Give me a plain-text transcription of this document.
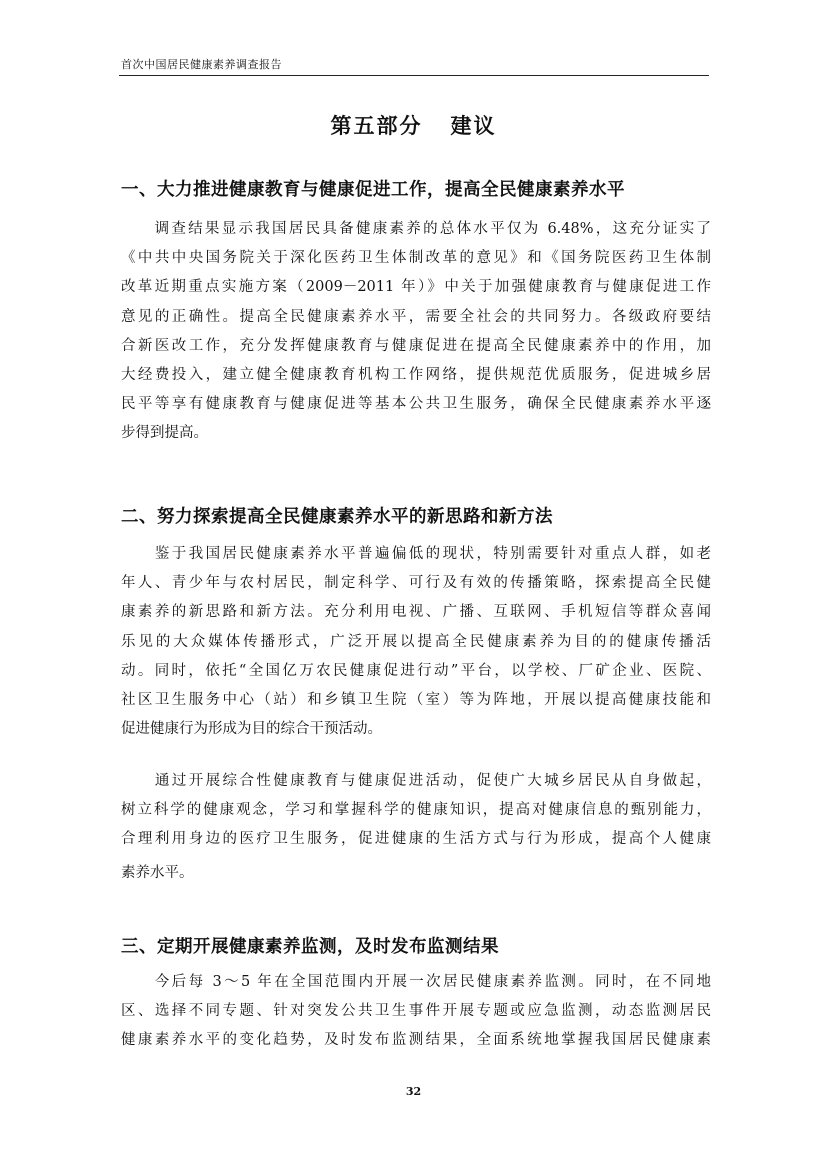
首次中国居民健康素养调查报告
第五部分   建议
一、大力推进健康教育与健康促进工作，提高全民健康素养水平
　　调查结果显示我国居民具备健康素养的总体水平仅为 6.48%，这充分证实了
《中共中央国务院关于深化医药卫生体制改革的意见》和《国务院医药卫生体制
改革近期重点实施方案（2009－2011 年）》中关于加强健康教育与健康促进工作
意见的正确性。提高全民健康素养水平，需要全社会的共同努力。各级政府要结
合新医改工作，充分发挥健康教育与健康促进在提高全民健康素养中的作用，加
大经费投入，建立健全健康教育机构工作网络，提供规范优质服务，促进城乡居
民平等享有健康教育与健康促进等基本公共卫生服务，确保全民健康素养水平逐
步得到提高。
二、努力探索提高全民健康素养水平的新思路和新方法
　　鉴于我国居民健康素养水平普遍偏低的现状，特别需要针对重点人群，如老
年人、青少年与农村居民，制定科学、可行及有效的传播策略，探索提高全民健
康素养的新思路和新方法。充分利用电视、广播、互联网、手机短信等群众喜闻
乐见的大众媒体传播形式，广泛开展以提高全民健康素养为目的的健康传播活
动。同时，依托“全国亿万农民健康促进行动”平台，以学校、厂矿企业、医院、
社区卫生服务中心（站）和乡镇卫生院（室）等为阵地，开展以提高健康技能和
促进健康行为形成为目的综合干预活动。
　　通过开展综合性健康教育与健康促进活动，促使广大城乡居民从自身做起，
树立科学的健康观念，学习和掌握科学的健康知识，提高对健康信息的甄别能力，
合理利用身边的医疗卫生服务，促进健康的生活方式与行为形成，提高个人健康
素养水平。
三、定期开展健康素养监测，及时发布监测结果
　　今后每 3～5 年在全国范围内开展一次居民健康素养监测。同时，在不同地
区、选择不同专题、针对突发公共卫生事件开展专题或应急监测，动态监测居民
健康素养水平的变化趋势，及时发布监测结果，全面系统地掌握我国居民健康素
32
